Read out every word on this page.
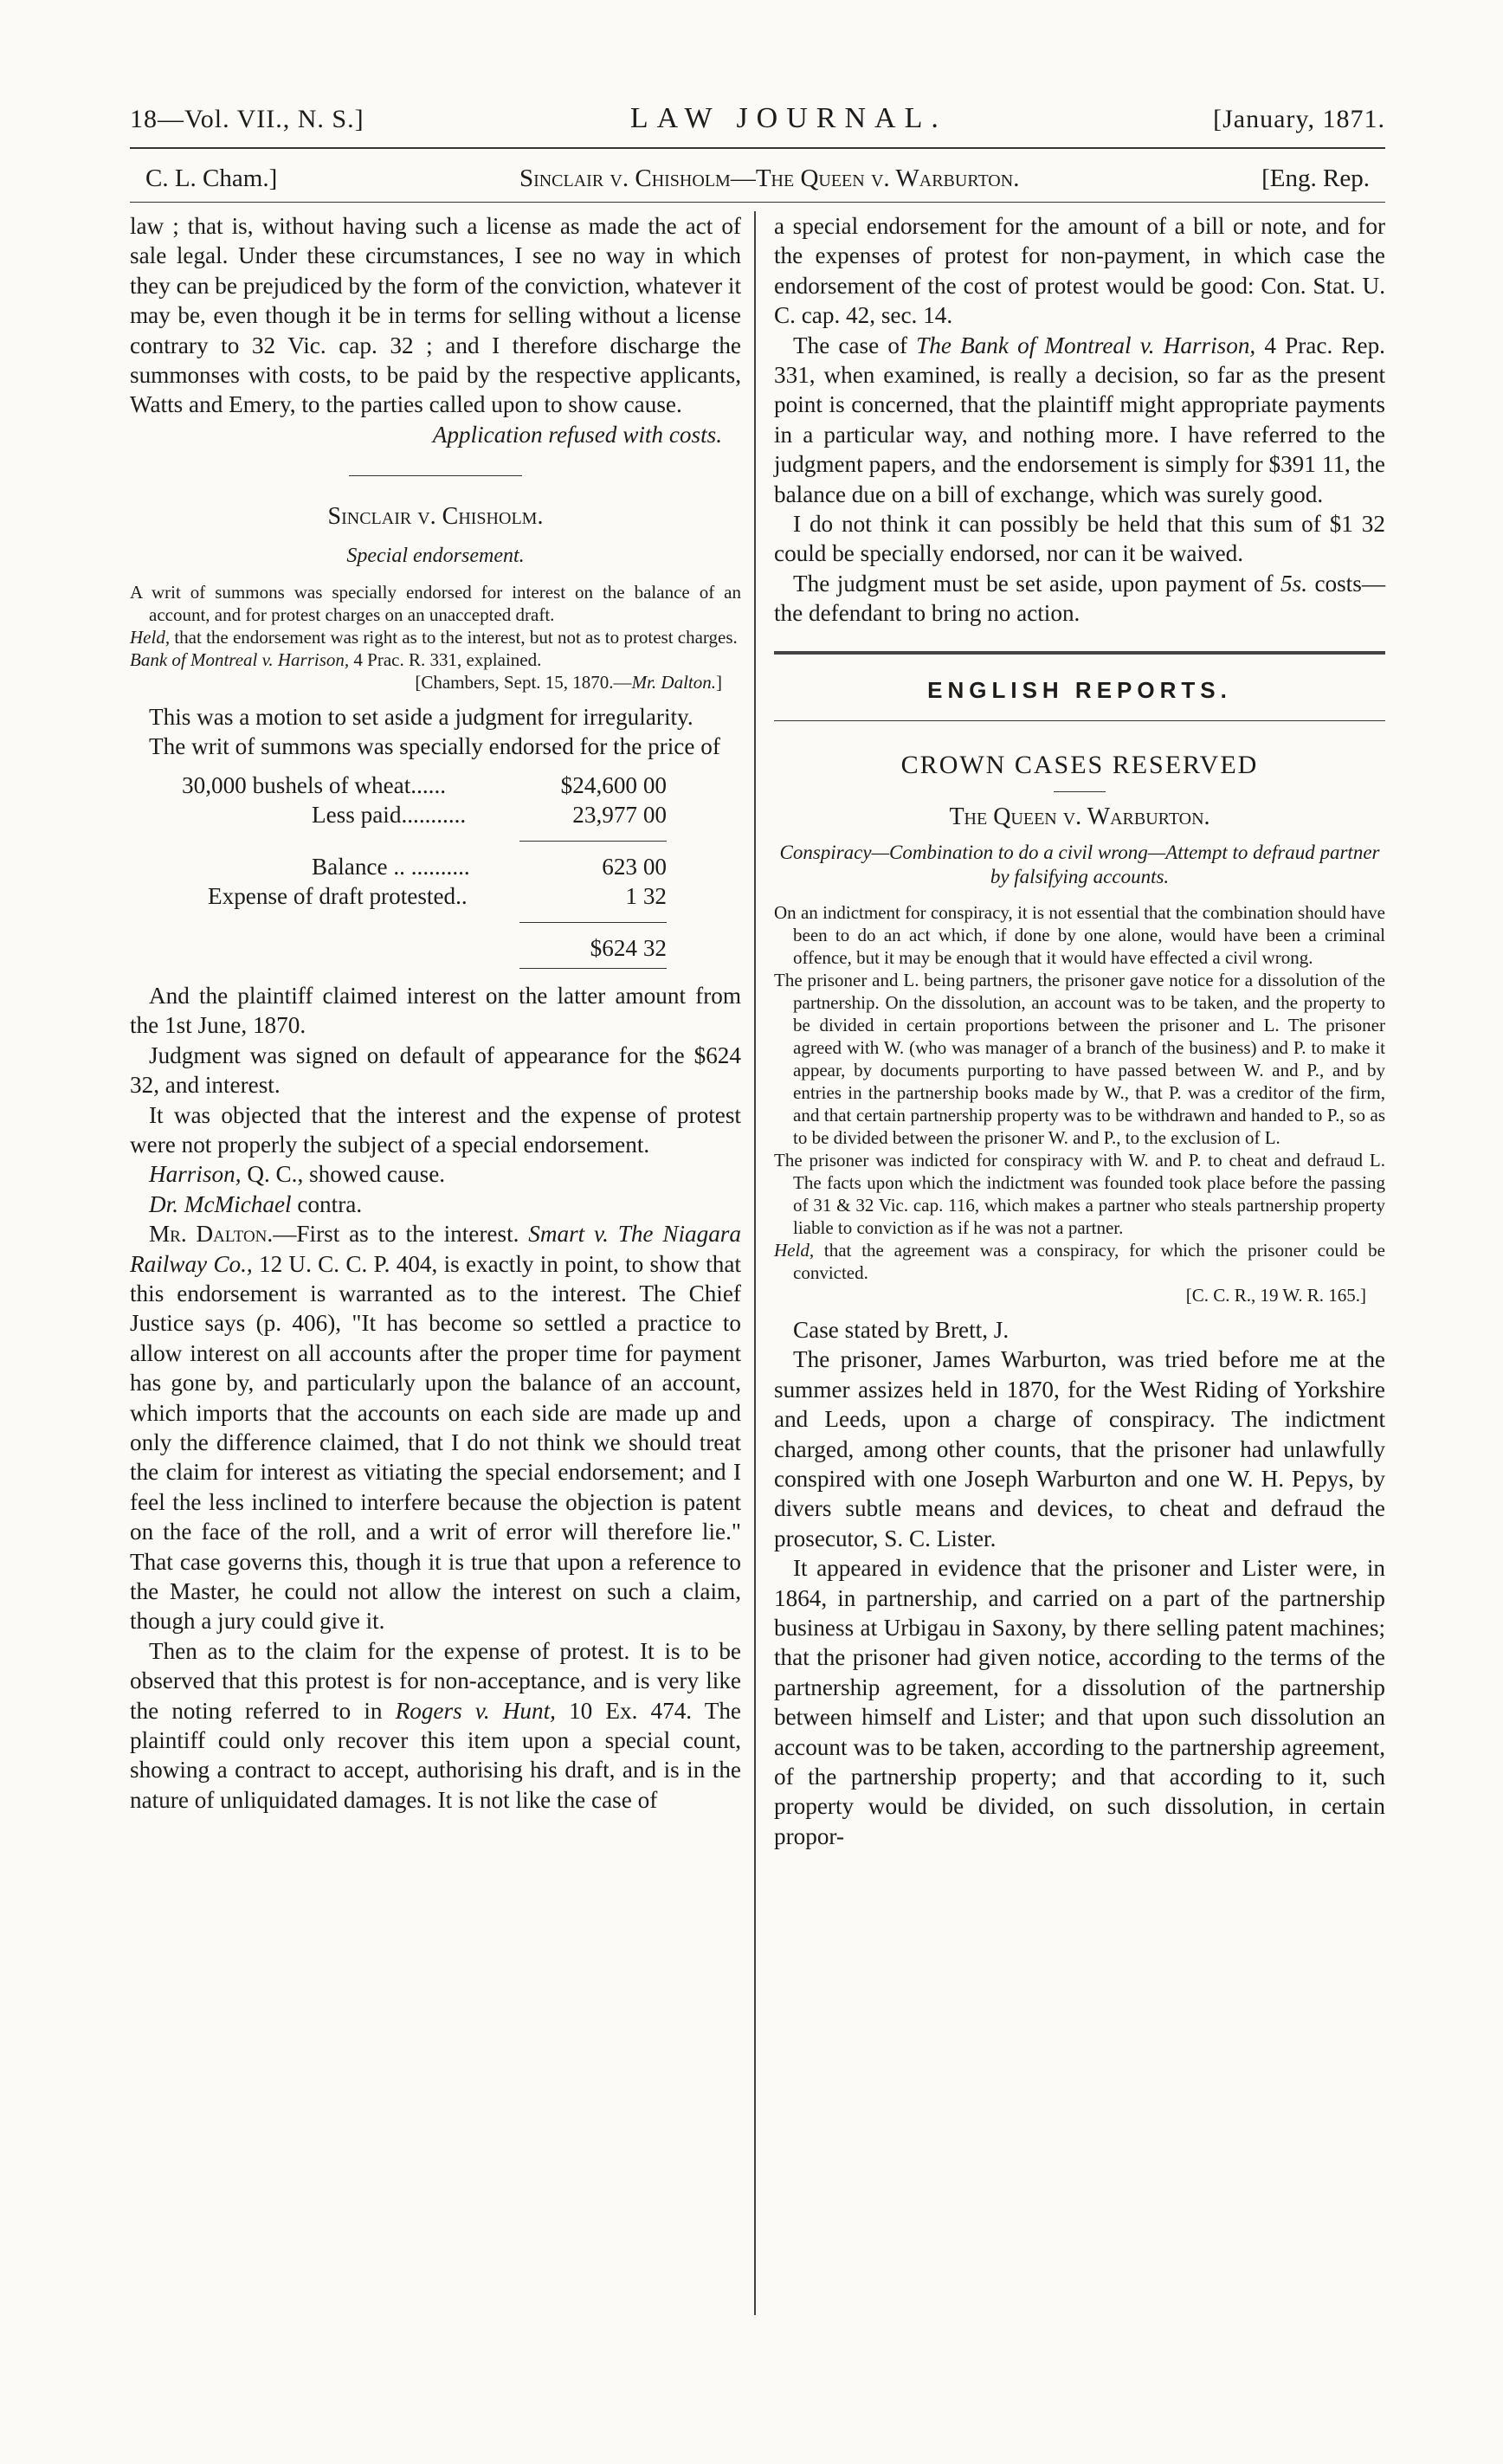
18—Vol. VII., N. S.]	LAW JOURNAL.	[January, 1871.
C. L. Cham.]	Sinclair v. Chisholm—The Queen v. Warburton.	[Eng. Rep.

law ; that is, without having such a license as made the act of sale legal. Under these circumstances, I see no way in which they can be prejudiced by the form of the conviction, whatever it may be, even though it be in terms for selling without a license contrary to 32 Vic. cap. 32 ; and I therefore discharge the summonses with costs, to be paid by the respective applicants, Watts and Emery, to the parties called upon to show cause.

Application refused with costs.

Sinclair v. Chisholm.
Special endorsement.

A writ of summons was specially endorsed for interest on the balance of an account, and for protest charges on an unaccepted draft.

Held, that the endorsement was right as to the interest, but not as to protest charges.

Bank of Montreal v. Harrison, 4 Prac. R. 331, explained.

[Chambers, Sept. 15, 1870.—Mr. Dalton.]

This was a motion to set aside a judgment for irregularity.

The writ of summons was specially endorsed for the price of

30,000 bushels of wheat......	$24,600 00
Less paid...........	23,977 00
Balance .. ..........	623 00
Expense of draft protested..	1 32
$624 32

And the plaintiff claimed interest on the latter amount from the 1st June, 1870.

Judgment was signed on default of appearance for the $624 32, and interest.

It was objected that the interest and the expense of protest were not properly the subject of a special endorsement.

Harrison, Q. C., showed cause.

Dr. McMichael contra.

Mr. Dalton.—First as to the interest. Smart v. The Niagara Railway Co., 12 U. C. C. P. 404, is exactly in point, to show that this endorsement is warranted as to the interest. The Chief Justice says (p. 406), "It has become so settled a practice to allow interest on all accounts after the proper time for payment has gone by, and particularly upon the balance of an account, which imports that the accounts on each side are made up and only the difference claimed, that I do not think we should treat the claim for interest as vitiating the special endorsement; and I feel the less inclined to interfere because the objection is patent on the face of the roll, and a writ of error will therefore lie." That case governs this, though it is true that upon a reference to the Master, he could not allow the interest on such a claim, though a jury could give it.

Then as to the claim for the expense of protest. It is to be observed that this protest is for non-acceptance, and is very like the noting referred to in Rogers v. Hunt, 10 Ex. 474. The plaintiff could only recover this item upon a special count, showing a contract to accept, authorising his draft, and is in the nature of unliquidated damages. It is not like the case of

a special endorsement for the amount of a bill or note, and for the expenses of protest for non-payment, in which case the endorsement of the cost of protest would be good: Con. Stat. U. C. cap. 42, sec. 14.

The case of The Bank of Montreal v. Harrison, 4 Prac. Rep. 331, when examined, is really a decision, so far as the present point is concerned, that the plaintiff might appropriate payments in a particular way, and nothing more. I have referred to the judgment papers, and the endorsement is simply for $391 11, the balance due on a bill of exchange, which was surely good.

I do not think it can possibly be held that this sum of $1 32 could be specially endorsed, nor can it be waived.

The judgment must be set aside, upon payment of 5s. costs—the defendant to bring no action.

ENGLISH REPORTS.
CROWN CASES RESERVED
The Queen v. Warburton.
Conspiracy—Combination to do a civil wrong—Attempt to defraud partner by falsifying accounts.

On an indictment for conspiracy, it is not essential that the combination should have been to do an act which, if done by one alone, would have been a criminal offence, but it may be enough that it would have effected a civil wrong.

The prisoner and L. being partners, the prisoner gave notice for a dissolution of the partnership. On the dissolution, an account was to be taken, and the property to be divided in certain proportions between the prisoner and L. The prisoner agreed with W. (who was manager of a branch of the business) and P. to make it appear, by documents purporting to have passed between W. and P., and by entries in the partnership books made by W., that P. was a creditor of the firm, and that certain partnership property was to be withdrawn and handed to P., so as to be divided between the prisoner W. and P., to the exclusion of L.

The prisoner was indicted for conspiracy with W. and P. to cheat and defraud L. The facts upon which the indictment was founded took place before the passing of 31 & 32 Vic. cap. 116, which makes a partner who steals partnership property liable to conviction as if he was not a partner.

Held, that the agreement was a conspiracy, for which the prisoner could be convicted.

[C. C. R., 19 W. R. 165.]

Case stated by Brett, J.

The prisoner, James Warburton, was tried before me at the summer assizes held in 1870, for the West Riding of Yorkshire and Leeds, upon a charge of conspiracy. The indictment charged, among other counts, that the prisoner had unlawfully conspired with one Joseph Warburton and one W. H. Pepys, by divers subtle means and devices, to cheat and defraud the prosecutor, S. C. Lister.

It appeared in evidence that the prisoner and Lister were, in 1864, in partnership, and carried on a part of the partnership business at Urbigau in Saxony, by there selling patent machines; that the prisoner had given notice, according to the terms of the partnership agreement, for a dissolution of the partnership between himself and Lister; and that upon such dissolution an account was to be taken, according to the partnership agreement, of the partnership property; and that according to it, such property would be divided, on such dissolution, in certain propor-
